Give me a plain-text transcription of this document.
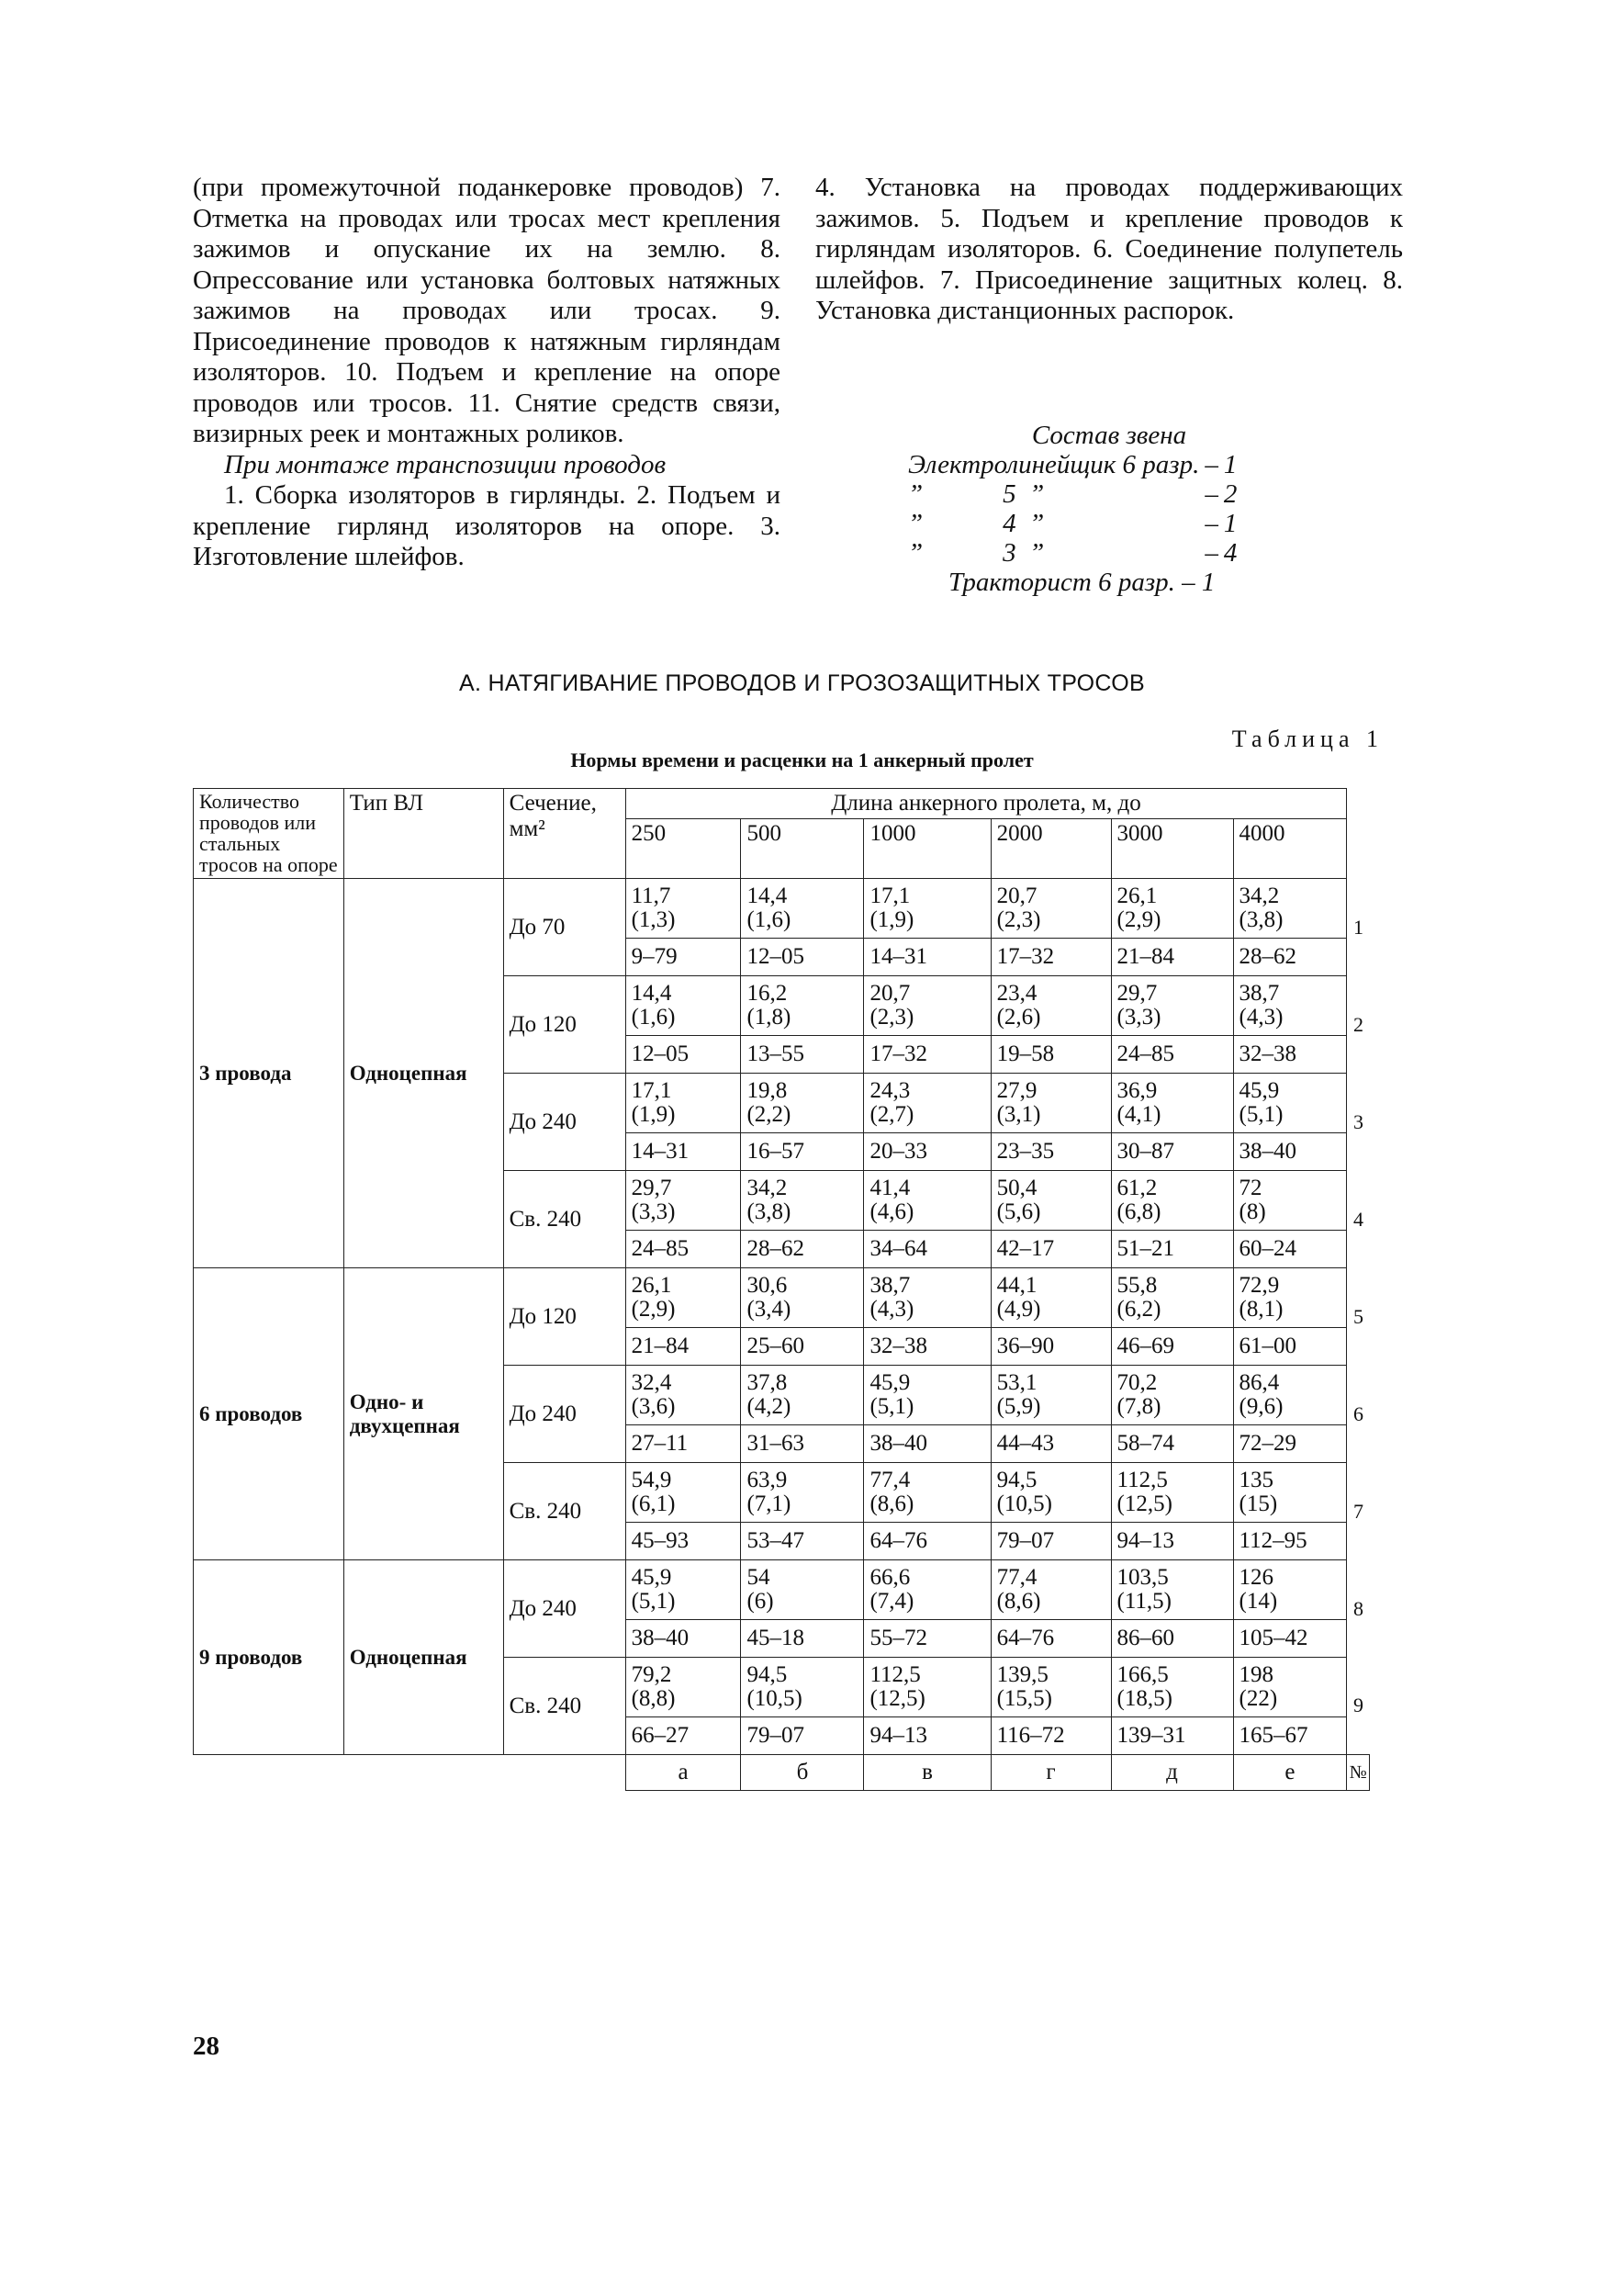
(при промежуточной поданкеровке проводов) 7. Отметка на проводах или тросах мест крепления зажимов и опускание их на землю. 8. Опрессование или установка болтовых натяжных зажимов на проводах или тросах. 9. Присоединение проводов к натяжным гирляндам изоляторов. 10. Подъем и крепление на опоре проводов или тросов. 11. Снятие средств связи, визирных реек и монтажных роликов.

При монтаже транспозиции проводов

1. Сборка изоляторов в гирлянды. 2. Подъем и крепление гирлянд изоляторов на опоре. 3. Изготовление шлейфов.

4. Установка на проводах поддерживающих зажимов. 5. Подъем и крепление проводов к гирляндам изоляторов. 6. Соединение полупетель шлейфов. 7. Присоединение защитных колец. 8. Установка дистанционных распорок.

Состав звена
Электролинейщик 6 разр.	–	1
”            5  ”	–	2
”            4  ”	–	1
”            3  ”	–	4
Тракторист 6 разр. – 1
А. НАТЯГИВАНИЕ ПРОВОДОВ И ГРОЗОЗАЩИТНЫХ ТРОСОВ
Таблица 1
Нормы времени и расценки на 1 анкерный пролет
Количество проводов или стальных тросов на опоре	Тип ВЛ	Сечение, мм²	Длина анкерного пролета, м, до						
			250	500	1000	2000	3000	4000	
3 провода	Одноцепная	До 70	11,7
(1,3)	14,4
(1,6)	17,1
(1,9)	20,7
(2,3)	26,1
(2,9)	34,2
(3,8)	1
			9–79	12–05	14–31	17–32	21–84	28–62	
		До 120	14,4
(1,6)	16,2
(1,8)	20,7
(2,3)	23,4
(2,6)	29,7
(3,3)	38,7
(4,3)	2
			12–05	13–55	17–32	19–58	24–85	32–38	
		До 240	17,1
(1,9)	19,8
(2,2)	24,3
(2,7)	27,9
(3,1)	36,9
(4,1)	45,9
(5,1)	3
			14–31	16–57	20–33	23–35	30–87	38–40	
		Св. 240	29,7
(3,3)	34,2
(3,8)	41,4
(4,6)	50,4
(5,6)	61,2
(6,8)	72
(8)	4
			24–85	28–62	34–64	42–17	51–21	60–24	
6 проводов	Одно- и двухцепная	До 120	26,1
(2,9)	30,6
(3,4)	38,7
(4,3)	44,1
(4,9)	55,8
(6,2)	72,9
(8,1)	5
			21–84	25–60	32–38	36–90	46–69	61–00	
		До 240	32,4
(3,6)	37,8
(4,2)	45,9
(5,1)	53,1
(5,9)	70,2
(7,8)	86,4
(9,6)	6
			27–11	31–63	38–40	44–43	58–74	72–29	
		Св. 240	54,9
(6,1)	63,9
(7,1)	77,4
(8,6)	94,5
(10,5)	112,5
(12,5)	135
(15)	7
			45–93	53–47	64–76	79–07	94–13	112–95	
9 проводов	Одноцепная	До 240	45,9
(5,1)	54
(6)	66,6
(7,4)	77,4
(8,6)	103,5
(11,5)	126
(14)	8
			38–40	45–18	55–72	64–76	86–60	105–42	
		Св. 240	79,2
(8,8)	94,5
(10,5)	112,5
(12,5)	139,5
(15,5)	166,5
(18,5)	198
(22)	9
			66–27	79–07	94–13	116–72	139–31	165–67	
			а	б	в	г	д	е	№
28
